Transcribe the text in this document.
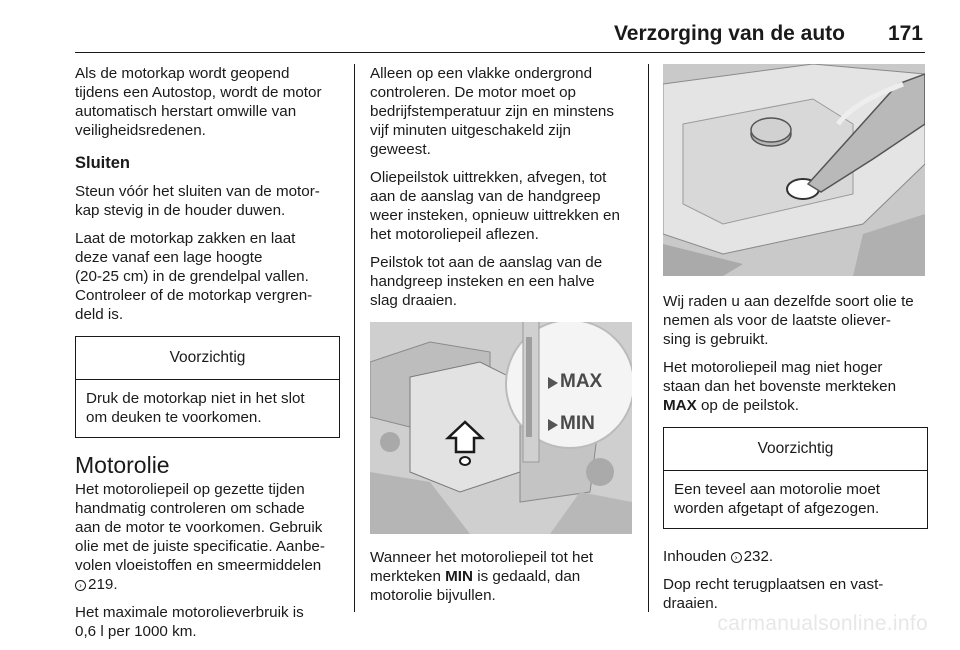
Verzorging van de auto 171

Als de motorkap wordt geopend
tijdens een Autostop, wordt de motor
automatisch herstart omwille van
veiligheidsredenen.

Sluiten

Steun vóór het sluiten van de motor-
kap stevig in de houder duwen.

Laat de motorkap zakken en laat
deze vanaf een lage hoogte
(20-25 cm) in de grendelpal vallen.
Controleer of de motorkap vergren-
deld is.

Voorzichtig
Druk de motorkap niet in het slot
om deuken te voorkomen.
Motorolie

Het motoroliepeil op gezette tijden
handmatig controleren om schade
aan de motor te voorkomen. Gebruik
olie met de juiste specificatie. Aanbe-
volen vloeistoffen en smeermiddelen
› 219.

Het maximale motorolieverbruik is
0,6 l per 1000 km.

Alleen op een vlakke ondergrond
controleren. De motor moet op
bedrijfstemperatuur zijn en minstens
vijf minuten uitgeschakeld zijn
geweest.

Oliepeilstok uittrekken, afvegen, tot
aan de aanslag van de handgreep
weer insteken, opnieuw uittrekken en
het motoroliepeil aflezen.

Peilstok tot aan de aanslag van de
handgreep insteken en een halve
slag draaien.

MAX
MIN

Wanneer het motoroliepeil tot het
merkteken MIN is gedaald, dan
motorolie bijvullen.

Wij raden u aan dezelfde soort olie te
nemen als voor de laatste oliever-
sing is gebruikt.

Het motoroliepeil mag niet hoger
staan dan het bovenste merkteken
MAX op de peilstok.

Voorzichtig
Een teveel aan motorolie moet
worden afgetapt of afgezogen.

Inhouden › 232.

Dop recht terugplaatsen en vast-
draaien.

carmanualsonline.info
